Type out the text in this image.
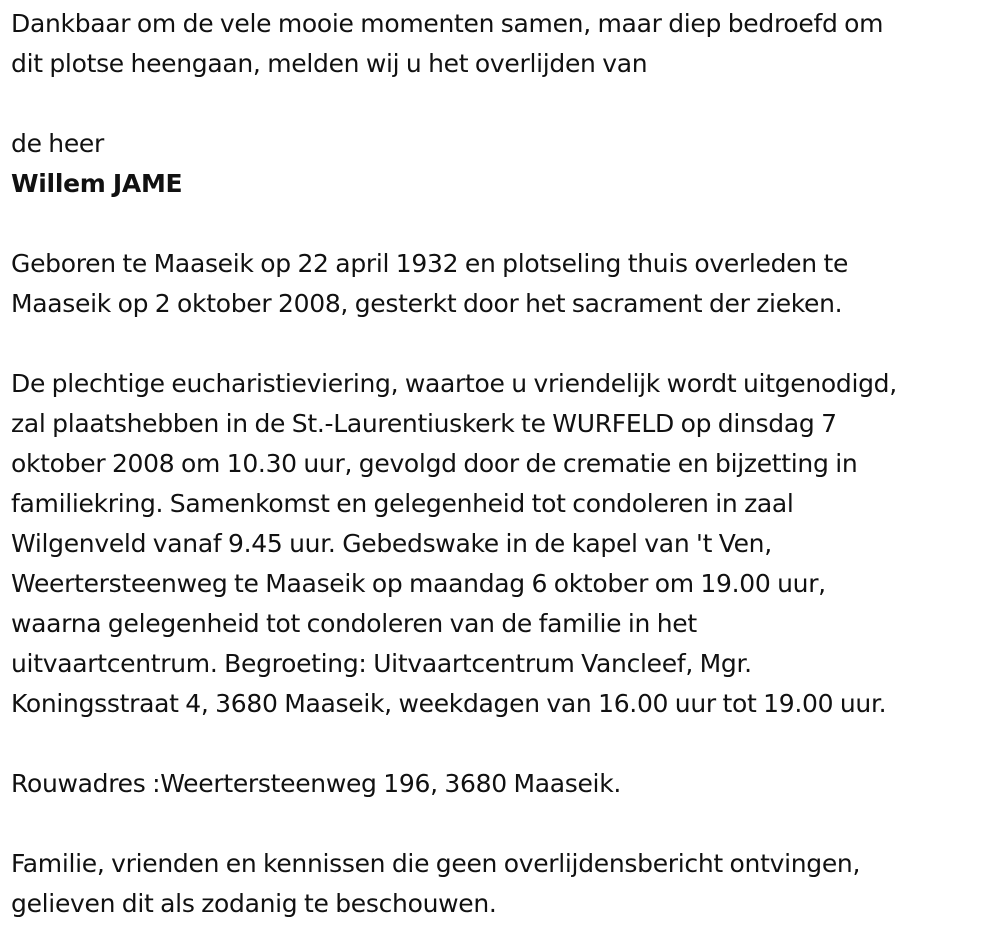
Dankbaar om de vele mooie momenten samen, maar diep bedroefd om

dit plotse heengaan, melden wij u het overlijden van

de heer

Willem JAME

Geboren te Maaseik op 22 april 1932 en plotseling thuis overleden te

Maaseik op 2 oktober 2008, gesterkt door het sacrament der zieken.

De plechtige eucharistieviering, waartoe u vriendelijk wordt uitgenodigd,

zal plaatshebben in de St.-Laurentiuskerk te WURFELD op dinsdag 7

oktober 2008 om 10.30 uur, gevolgd door de crematie en bijzetting in

familiekring. Samenkomst en gelegenheid tot condoleren in zaal

Wilgenveld vanaf 9.45 uur. Gebedswake in de kapel van 't Ven,

Weertersteenweg te Maaseik op maandag 6 oktober om 19.00 uur,

waarna gelegenheid tot condoleren van de familie in het

uitvaartcentrum. Begroeting: Uitvaartcentrum Vancleef, Mgr.

Koningsstraat 4, 3680 Maaseik, weekdagen van 16.00 uur tot 19.00 uur.

Rouwadres :Weertersteenweg 196, 3680 Maaseik.

Familie, vrienden en kennissen die geen overlijdensbericht ontvingen,

gelieven dit als zodanig te beschouwen.
